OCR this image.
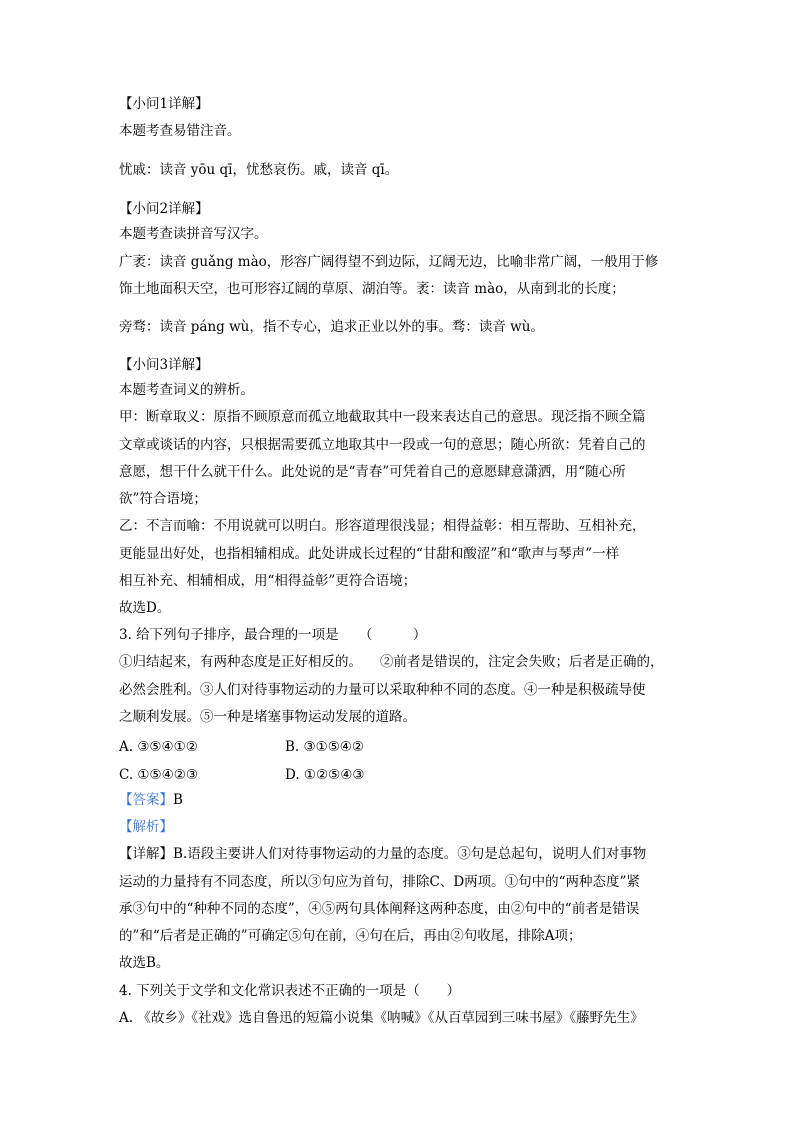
【小问1详解】
本题考查易错注音。
忧戚：读音 yōu qī，忧愁哀伤。戚，读音 qī。
【小问2详解】
本题考查读拼音写汉字。
广袤：读音 guǎng mào，形容广阔得望不到边际，辽阔无边，比喻非常广阔，一般用于修
饰土地面积天空，也可形容辽阔的草原、湖泊等。袤：读音 mào，从南到北的长度；
旁骛：读音 páng wù，指不专心，追求正业以外的事。骛：读音 wù。
【小问3详解】
本题考查词义的辨析。
甲：断章取义：原指不顾原意而孤立地截取其中一段来表达自己的意思。现泛指不顾全篇
文章或谈话的内容，只根据需要孤立地取其中一段或一句的意思；随心所欲：凭着自己的
意愿，想干什么就干什么。此处说的是“青春”可凭着自己的意愿肆意潇洒，用“随心所
欲”符合语境；
乙：不言而喻：不用说就可以明白。形容道理很浅显；相得益彰：相互帮助、互相补充，
更能显出好处，也指相辅相成。此处讲成长过程的“甘甜和酸涩”和“歌声与琴声”一样
相互补充、相辅相成，用“相得益彰”更符合语境；
故选D。
3. 给下列句子排序，最合理的一项是　　（　　　）
①归结起来，有两种态度是正好相反的。 ②前者是错误的，注定会失败；后者是正确的，
必然会胜利。③人们对待事物运动的力量可以采取种种不同的态度。④一种是积极疏导使
之顺利发展。⑤一种是堵塞事物运动发展的道路。
A. ③⑤④①②	B. ③①⑤④②
C. ①⑤④②③	D. ①②⑤④③
【答案】B
【解析】
【详解】B.语段主要讲人们对待事物运动的力量的态度。③句是总起句，说明人们对事物
运动的力量持有不同态度，所以③句应为首句，排除C、D两项。①句中的“两种态度”紧
承③句中的“种种不同的态度”，④⑤两句具体阐释这两种态度，由②句中的“前者是错误
的”和“后者是正确的”可确定⑤句在前，④句在后，再由②句收尾，排除A项；
故选B。
4. 下列关于文学和文化常识表述不正确的一项是（　　）
A. 《故乡》《社戏》选自鲁迅的短篇小说集《呐喊》《从百草园到三味书屋》《藤野先生》
